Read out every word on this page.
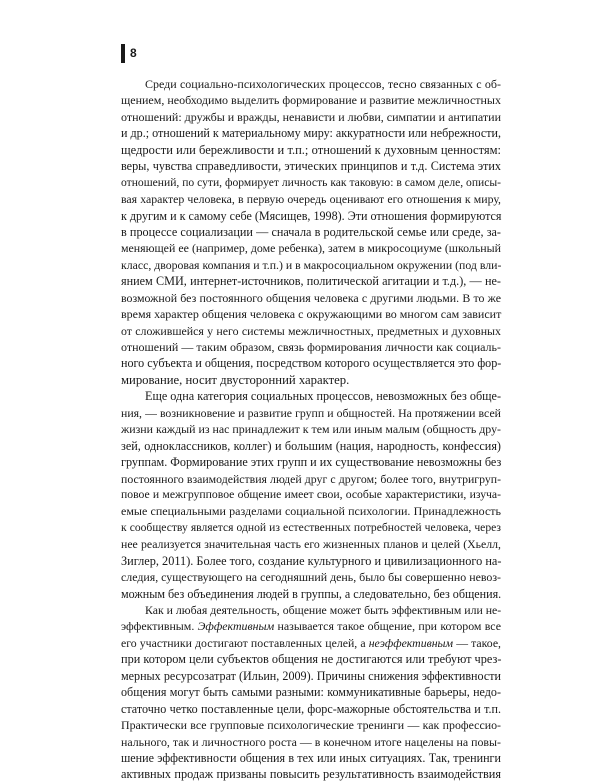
8
Среди социально-психологических процессов, тесно связанных с об-
щением, необходимо выделить формирование и развитие межличностных
отношений: дружбы и вражды, ненависти и любви, симпатии и антипатии
и др.; отношений к материальному миру: аккуратности или небрежности,
щедрости или бережливости и т.п.; отношений к духовным ценностям:
веры, чувства справедливости, этических принципов и т.д. Система этих
отношений, по сути, формирует личность как таковую: в самом деле, описы-
вая характер человека, в первую очередь оценивают его отношения к миру,
к другим и к самому себе (Мясищев, 1998). Эти отношения формируются
в процессе социализации — сначала в родительской семье или среде, за-
меняющей ее (например, доме ребенка), затем в микросоциуме (школьный
класс, дворовая компания и т.п.) и в макросоциальном окружении (под вли-
янием СМИ, интернет-источников, политической агитации и т.д.), — не-
возможной без постоянного общения человека с другими людьми. В то же
время характер общения человека с окружающими во многом сам зависит
от сложившейся у него системы межличностных, предметных и духовных
отношений — таким образом, связь формирования личности как социаль-
ного субъекта и общения, посредством которого осуществляется это фор-
мирование, носит двусторонний характер.
Еще одна категория социальных процессов, невозможных без обще-
ния, — возникновение и развитие групп и общностей. На протяжении всей
жизни каждый из нас принадлежит к тем или иным малым (общность дру-
зей, одноклассников, коллег) и большим (нация, народность, конфессия)
группам. Формирование этих групп и их существование невозможны без
постоянного взаимодействия людей друг с другом; более того, внутригруп-
повое и межгрупповое общение имеет свои, особые характеристики, изуча-
емые специальными разделами социальной психологии. Принадлежность
к сообществу является одной из естественных потребностей человека, через
нее реализуется значительная часть его жизненных планов и целей (Хьелл,
Зиглер, 2011). Более того, создание культурного и цивилизационного на-
следия, существующего на сегодняшний день, было бы совершенно невоз-
можным без объединения людей в группы, а следовательно, без общения.
Как и любая деятельность, общение может быть эффективным или не-
эффективным. Эффективным называется такое общение, при котором все
его участники достигают поставленных целей, а неэффективным — такое,
при котором цели субъектов общения не достигаются или требуют чрез-
мерных ресурсозатрат (Ильин, 2009). Причины снижения эффективности
общения могут быть самыми разными: коммуникативные барьеры, недо-
статочно четко поставленные цели, форс-мажорные обстоятельства и т.п.
Практически все групповые психологические тренинги — как профессио-
нального, так и личностного роста — в конечном итоге нацелены на повы-
шение эффективности общения в тех или иных ситуациях. Так, тренинги
активных продаж призваны повысить результативность взаимодействия
